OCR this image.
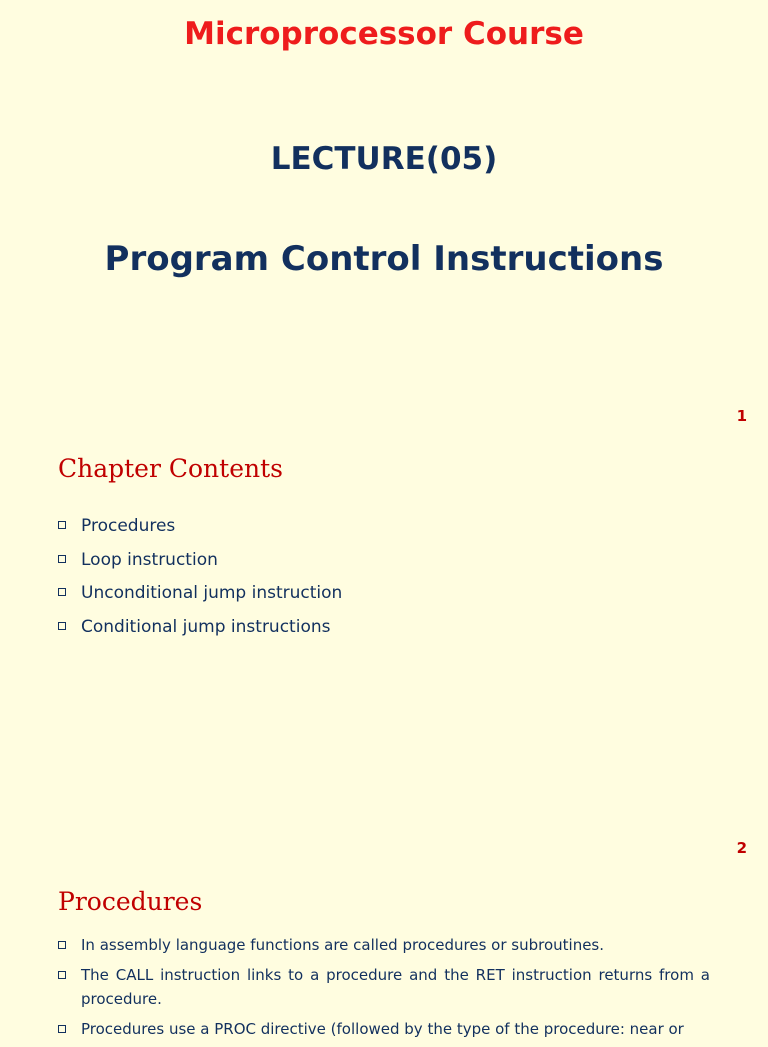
Microprocessor Course
LECTURE(05)
Program Control Instructions
1
Chapter Contents
Procedures
Loop instruction
Unconditional jump instruction
Conditional jump instructions
2
Procedures
In assembly language functions are called procedures or subroutines.
The CALL instruction links to a procedure and the RET instruction returns from a procedure.
Procedures use a PROC directive (followed by the type of the procedure: near or
